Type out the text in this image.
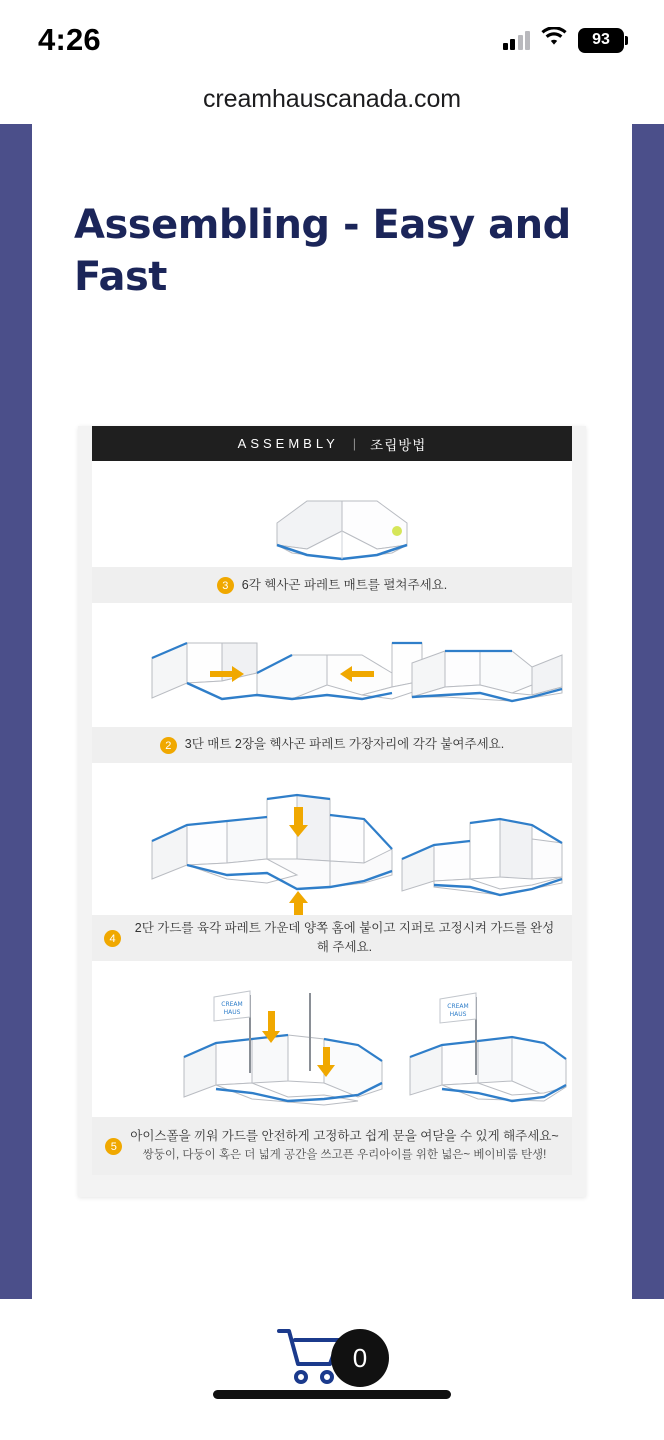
4:26	93
creamhauscanada.com
Assembling - Easy and Fast
ASSEMBLY | 조립방법
3	6각 헥사곤 파레트 매트를 펼쳐주세요.
2	3단 매트 2장을 헥사곤 파레트 가장자리에 각각 붙여주세요.
4
2단 가드를 육각 파레트 가운데 양쪽 홈에 붙이고 지퍼로 고정시켜 가드를 완성해 주세요.
CREAM
HAUS
CREAM
HAUS
5
아이스폴을 끼워 가드를 안전하게 고정하고 쉽게 문을 여닫을 수 있게 해주세요~
쌍둥이, 다둥이 혹은 더 넓게 공간을 쓰고픈 우리아이를 위한 넓은~ 베이비룸 탄생!
0
